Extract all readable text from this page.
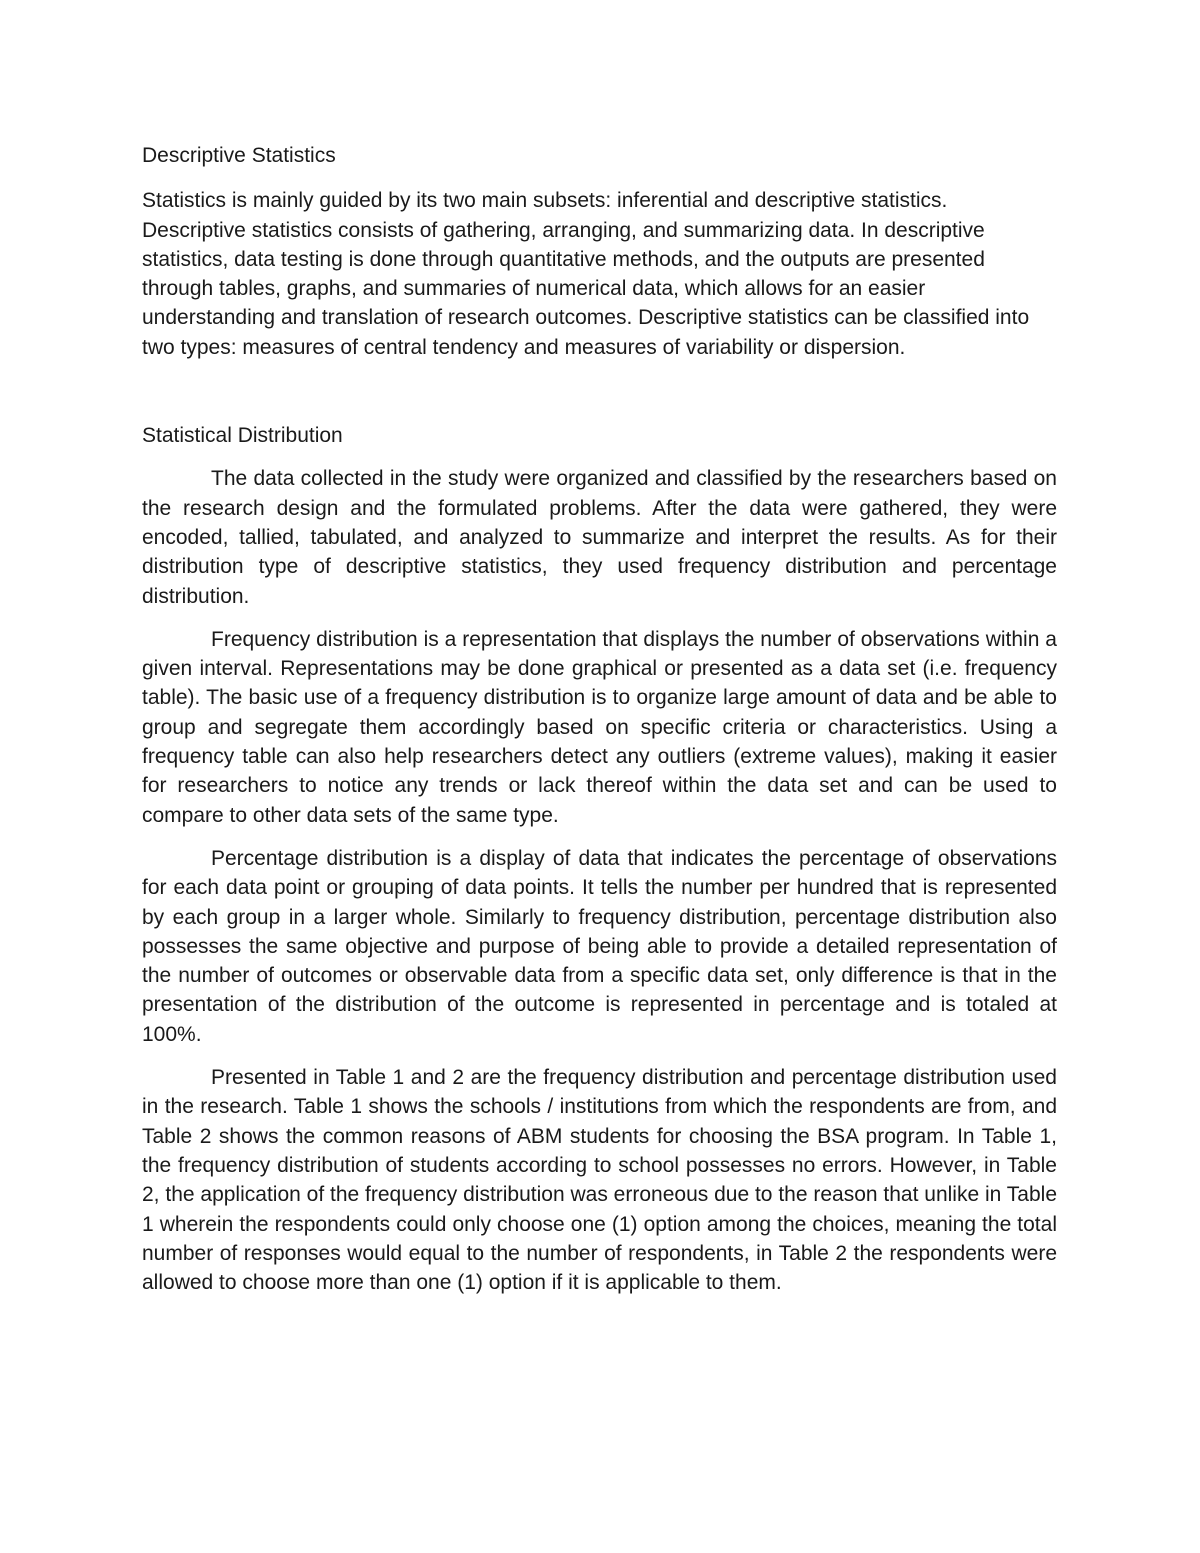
Descriptive Statistics

Statistics is mainly guided by its two main subsets: inferential and descriptive statistics. Descriptive statistics consists of gathering, arranging, and summarizing data. In descriptive statistics, data testing is done through quantitative methods, and the outputs are presented through tables, graphs, and summaries of numerical data, which allows for an easier understanding and translation of research outcomes. Descriptive statistics can be classified into two types: measures of central tendency and measures of variability or dispersion.

Statistical Distribution

The data collected in the study were organized and classified by the researchers based on the research design and the formulated problems. After the data were gathered, they were encoded, tallied, tabulated, and analyzed to summarize and interpret the results. As for their distribution type of descriptive statistics, they used frequency distribution and percentage distribution.

Frequency distribution is a representation that displays the number of observations within a given interval. Representations may be done graphical or presented as a data set (i.e. frequency table). The basic use of a frequency distribution is to organize large amount of data and be able to group and segregate them accordingly based on specific criteria or characteristics. Using a frequency table can also help researchers detect any outliers (extreme values), making it easier for researchers to notice any trends or lack thereof within the data set and can be used to compare to other data sets of the same type.

Percentage distribution is a display of data that indicates the percentage of observations for each data point or grouping of data points. It tells the number per hundred that is represented by each group in a larger whole. Similarly to frequency distribution, percentage distribution also possesses the same objective and purpose of being able to provide a detailed representation of the number of outcomes or observable data from a specific data set, only difference is that in the presentation of the distribution of the outcome is represented in percentage and is totaled at 100%.

Presented in Table 1 and 2 are the frequency distribution and percentage distribution used in the research. Table 1 shows the schools / institutions from which the respondents are from, and Table 2 shows the common reasons of ABM students for choosing the BSA program. In Table 1, the frequency distribution of students according to school possesses no errors. However, in Table 2, the application of the frequency distribution was erroneous due to the reason that unlike in Table 1 wherein the respondents could only choose one (1) option among the choices, meaning the total number of responses would equal to the number of respondents, in Table 2 the respondents were allowed to choose more than one (1) option if it is applicable to them.
